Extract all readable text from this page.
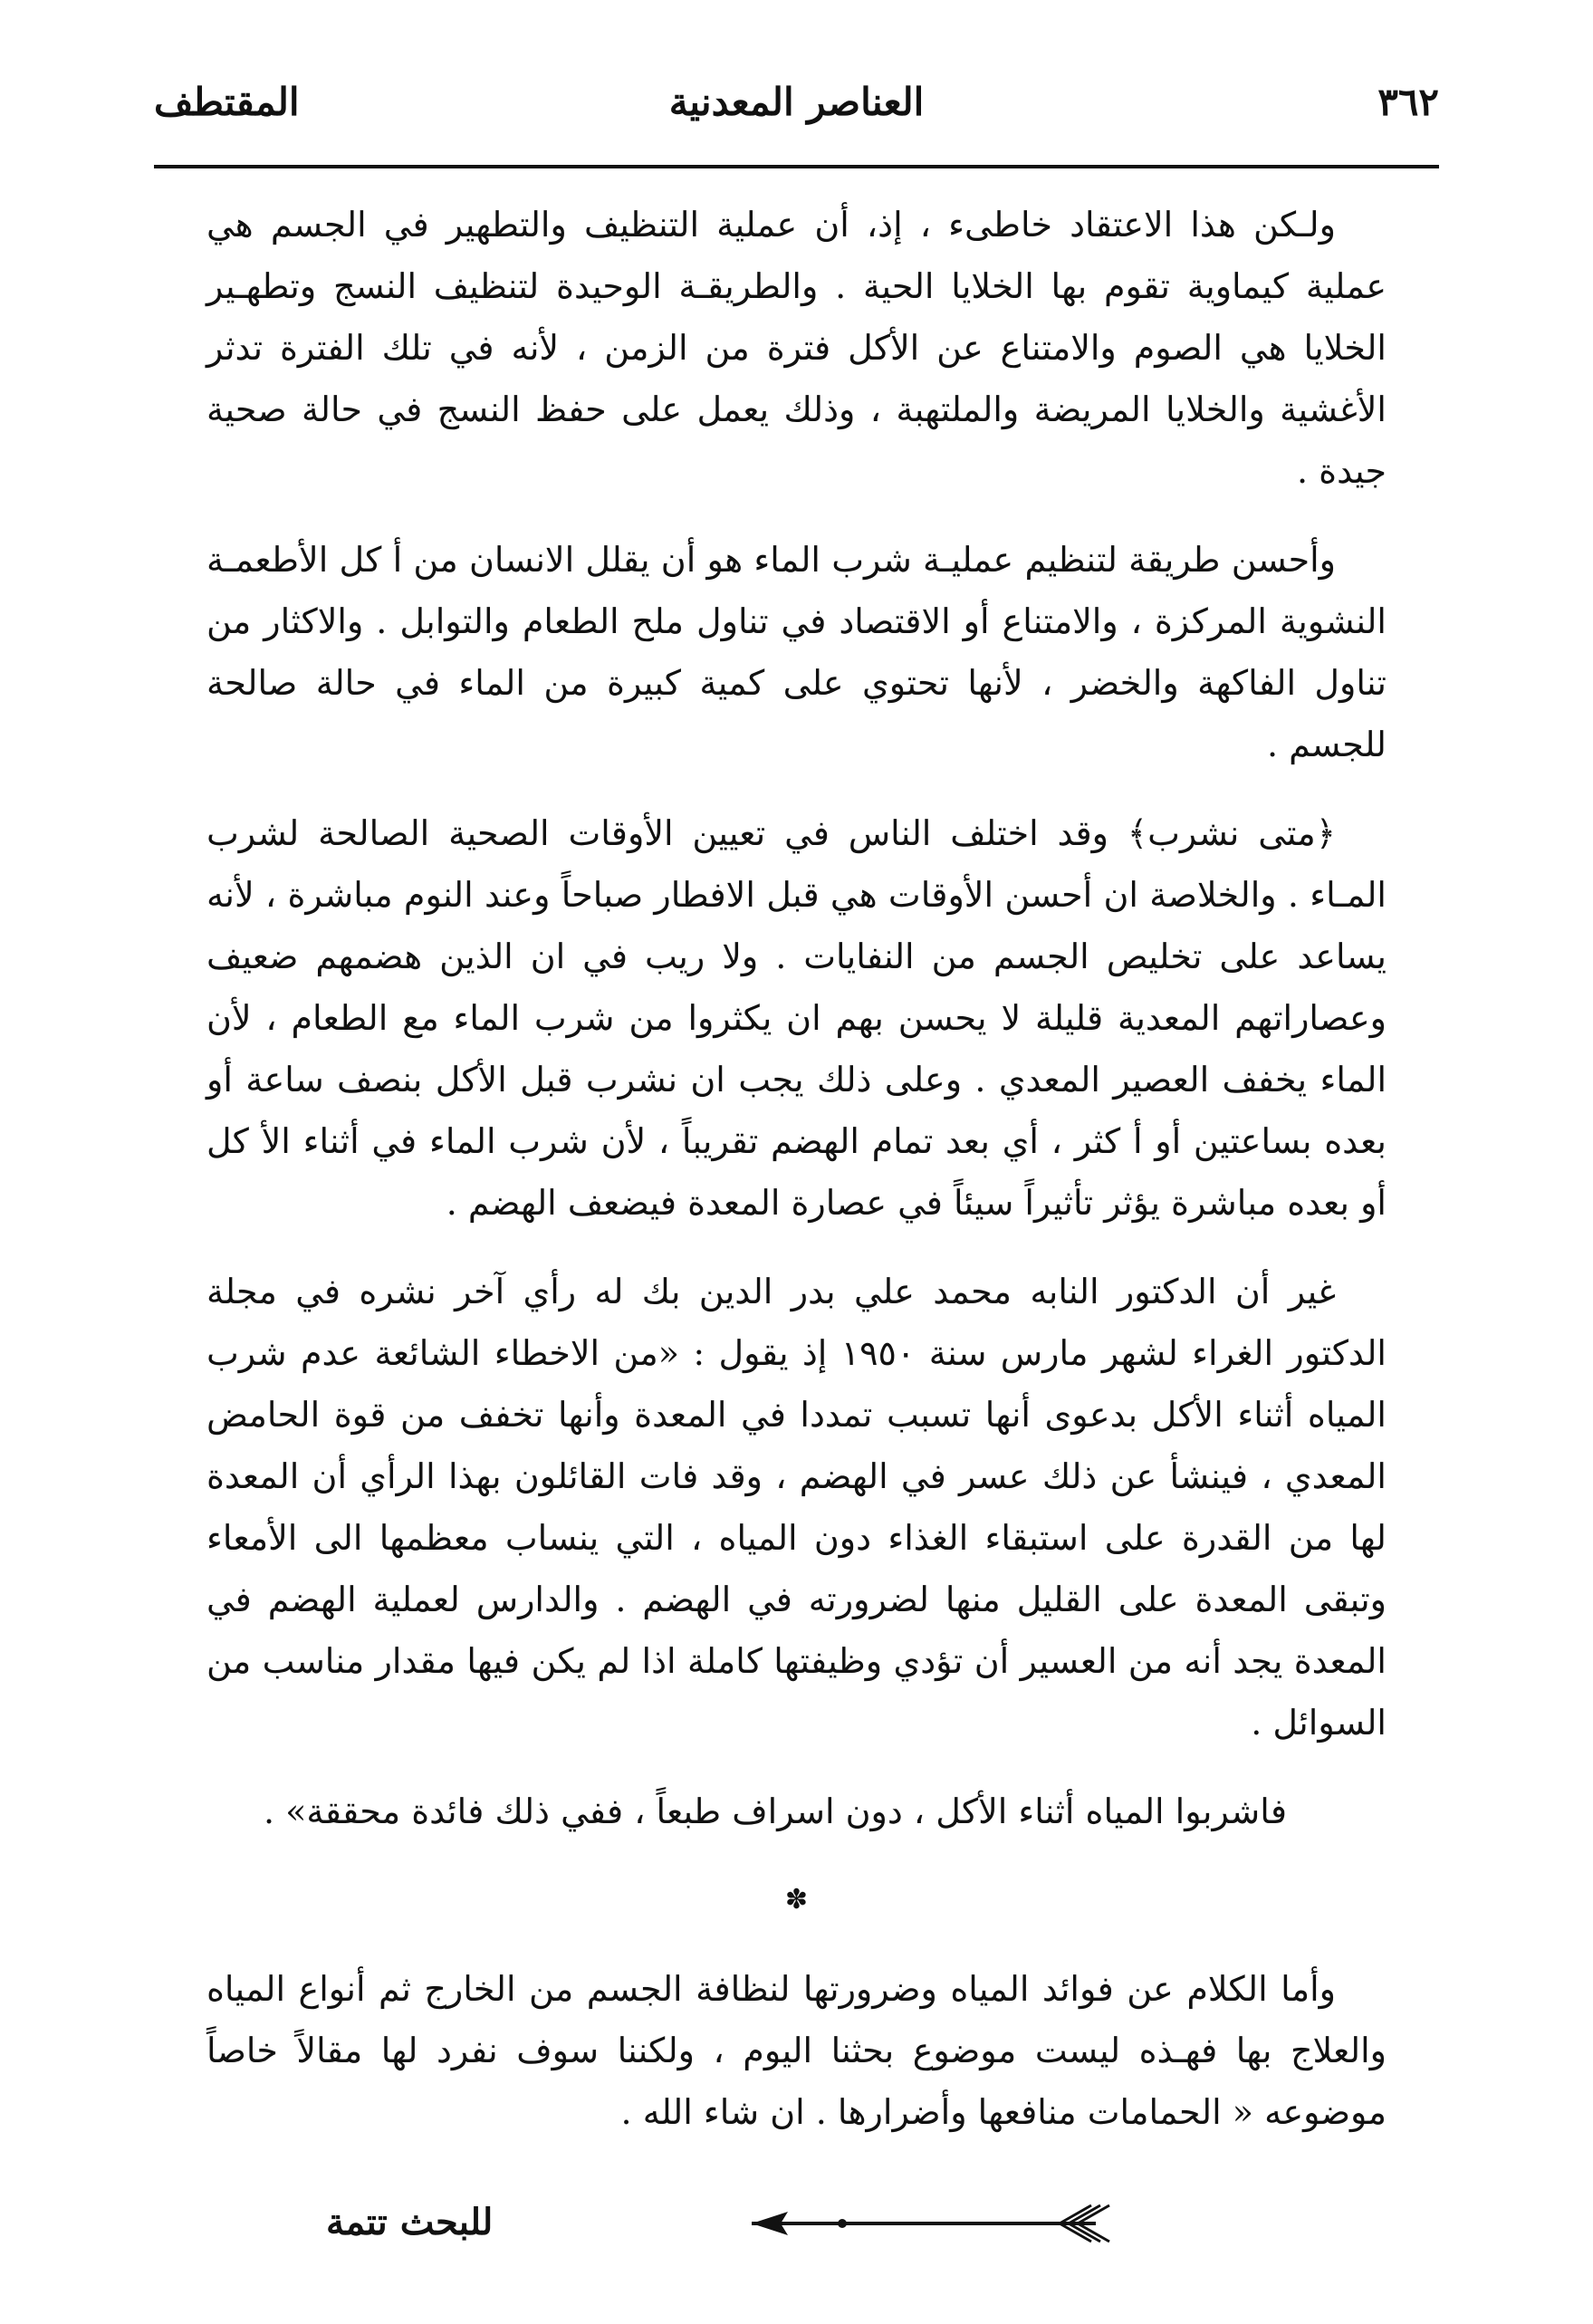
٣٦٢
العناصر المعدنية
المقتطف

ولـكن هذا الاعتقاد خاطىء ، إذ، أن عملية التنظيف والتطهير في الجسم هي عملية كيماوية تقوم بها الخلايا الحية . والطريقـة الوحيدة لتنظيف النسج وتطهـير الخلايا هي الصوم والامتناع عن الأكل فترة من الزمن ، لأنه في تلك الفترة تدثر الأغشية والخلايا المريضة والملتهبة ، وذلك يعمل على حفظ النسج في حالة صحية جيدة .

وأحسن طريقة لتنظيم عمليـة شرب الماء هو أن يقلل الانسان من أ كل الأطعمـة النشوية المركزة ، والامتناع أو الاقتصاد في تناول ملح الطعام والتوابل . والاكثار من تناول الفاكهة والخضر ، لأنها تحتوي على كمية كبيرة من الماء في حالة صالحة للجسم .

﴿متى نشرب﴾ وقد اختلف الناس في تعيين الأوقات الصحية الصالحة لشرب المـاء . والخلاصة ان أحسن الأوقات هي قبل الافطار صباحاً وعند النوم مباشرة ، لأنه يساعد على تخليص الجسم من النفايات . ولا ريب في ان الذين هضمهم ضعيف وعصاراتهم المعدية قليلة لا يحسن بهم ان يكثروا من شرب الماء مع الطعام ، لأن الماء يخفف العصير المعدي . وعلى ذلك يجب ان نشرب قبل الأكل بنصف ساعة أو بعده بساعتين أو أ كثر ، أي بعد تمام الهضم تقريباً ، لأن شرب الماء في أثناء الأ كل أو بعده مباشرة يؤثر تأثيراً سيئاً في عصارة المعدة فيضعف الهضم .

غير أن الدكتور النابه محمد علي بدر الدين بك له رأي آخر نشره في مجلة الدكتور الغراء لشهر مارس سنة ١٩٥٠ إذ يقول : «من الاخطاء الشائعة عدم شرب المياه أثناء الأكل بدعوى أنها تسبب تمددا في المعدة وأنها تخفف من قوة الحامض المعدي ، فينشأ عن ذلك عسر في الهضم ، وقد فات القائلون بهذا الرأي أن المعدة لها من القدرة على استبقاء الغذاء دون المياه ، التي ينساب معظمها الى الأمعاء وتبقى المعدة على القليل منها لضرورته في الهضم . والدارس لعملية الهضم في المعدة يجد أنه من العسير أن تؤدي وظيفتها كاملة اذا لم يكن فيها مقدار مناسب من السوائل .

فاشربوا المياه أثناء الأكل ، دون اسراف طبعاً ، ففي ذلك فائدة محققة» .

✽

وأما الكلام عن فوائد المياه وضرورتها لنظافة الجسم من الخارج ثم أنواع المياه والعلاج بها فهـذه ليست موضوع بحثنا اليوم ، ولكننا سوف نفرد لها مقالاً خاصاً موضوعه « الحمامات منافعها وأضرارها . ان شاء الله .

للبحث تتمة
